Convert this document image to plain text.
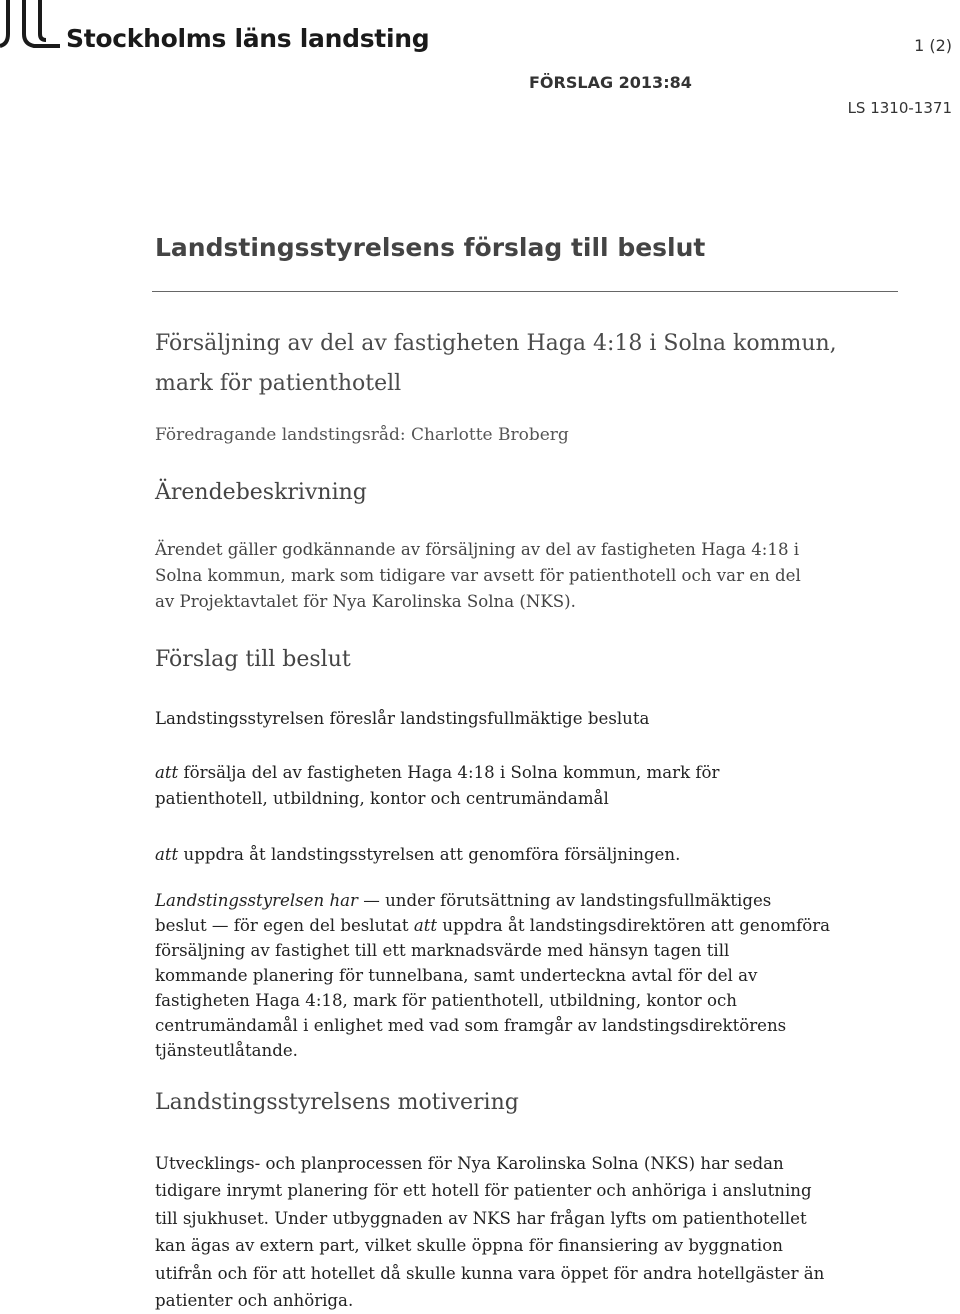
Stockholms läns landsting	1 (2)
FÖRSLAG 2013:84
LS 1310-1371
Landstingsstyrelsens förslag till beslut
Försäljning av del av fastigheten Haga 4:18 i Solna kommun,
mark för patienthotell
Föredragande landstingsråd: Charlotte Broberg
Ärendebeskrivning
Ärendet gäller godkännande av försäljning av del av fastigheten Haga 4:18 i
Solna kommun, mark som tidigare var avsett för patienthotell och var en del
av Projektavtalet för Nya Karolinska Solna (NKS).
Förslag till beslut
Landstingsstyrelsen föreslår landstingsfullmäktige besluta
att försälja del av fastigheten Haga 4:18 i Solna kommun, mark för
patienthotell, utbildning, kontor och centrumändamål
att uppdra åt landstingsstyrelsen att genomföra försäljningen.
Landstingsstyrelsen har — under förutsättning av landstingsfullmäktiges
beslut — för egen del beslutat att uppdra åt landstingsdirektören att genomföra
försäljning av fastighet till ett marknadsvärde med hänsyn tagen till
kommande planering för tunnelbana, samt underteckna avtal för del av
fastigheten Haga 4:18, mark för patienthotell, utbildning, kontor och
centrumändamål i enlighet med vad som framgår av landstingsdirektörens
tjänsteutlåtande.
Landstingsstyrelsens motivering
Utvecklings- och planprocessen för Nya Karolinska Solna (NKS) har sedan
tidigare inrymt planering för ett hotell för patienter och anhöriga i anslutning
till sjukhuset. Under utbyggnaden av NKS har frågan lyfts om patienthotellet
kan ägas av extern part, vilket skulle öppna för finansiering av byggnation
utifrån och för att hotellet då skulle kunna vara öppet för andra hotellgäster än
patienter och anhöriga.
